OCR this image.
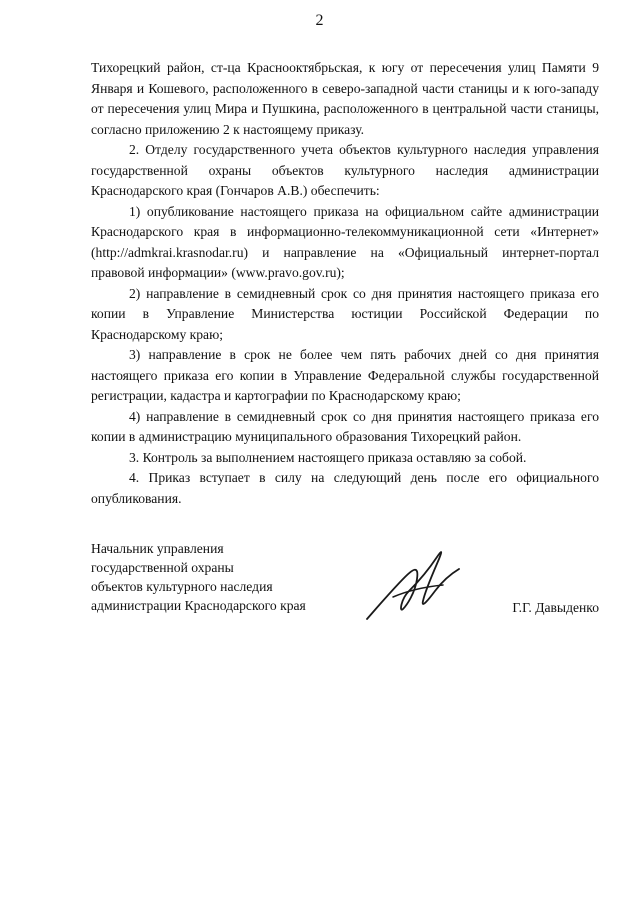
2

Тихорецкий район, ст-ца Краснооктябрьская, к югу от пересечения улиц Памяти 9 Января и Кошевого, расположенного в северо-западной части станицы и к юго-западу от пересечения улиц Мира и Пушкина, расположенного в центральной части станицы, согласно приложению 2 к настоящему приказу.

2. Отделу государственного учета объектов культурного наследия управления государственной охраны объектов культурного наследия администрации Краснодарского края (Гончаров А.В.) обеспечить:

1) опубликование настоящего приказа на официальном сайте администрации Краснодарского края в информационно-телекоммуникационной сети «Интернет» (http://admkrai.krasnodar.ru) и направление на «Официальный интернет-портал правовой информации» (www.pravo.gov.ru);

2) направление в семидневный срок со дня принятия настоящего приказа его копии в Управление Министерства юстиции Российской Федерации по Краснодарскому краю;

3) направление в срок не более чем пять рабочих дней со дня принятия настоящего приказа его копии в Управление Федеральной службы государственной регистрации, кадастра и картографии по Краснодарскому краю;

4) направление в семидневный срок со дня принятия настоящего приказа его копии в администрацию муниципального образования Тихорецкий район.

3. Контроль за выполнением настоящего приказа оставляю за собой.

4. Приказ вступает в силу на следующий день после его официального опубликования.

Начальник управления
государственной охраны
объектов культурного наследия
администрации Краснодарского края	Г.Г. Давыденко
